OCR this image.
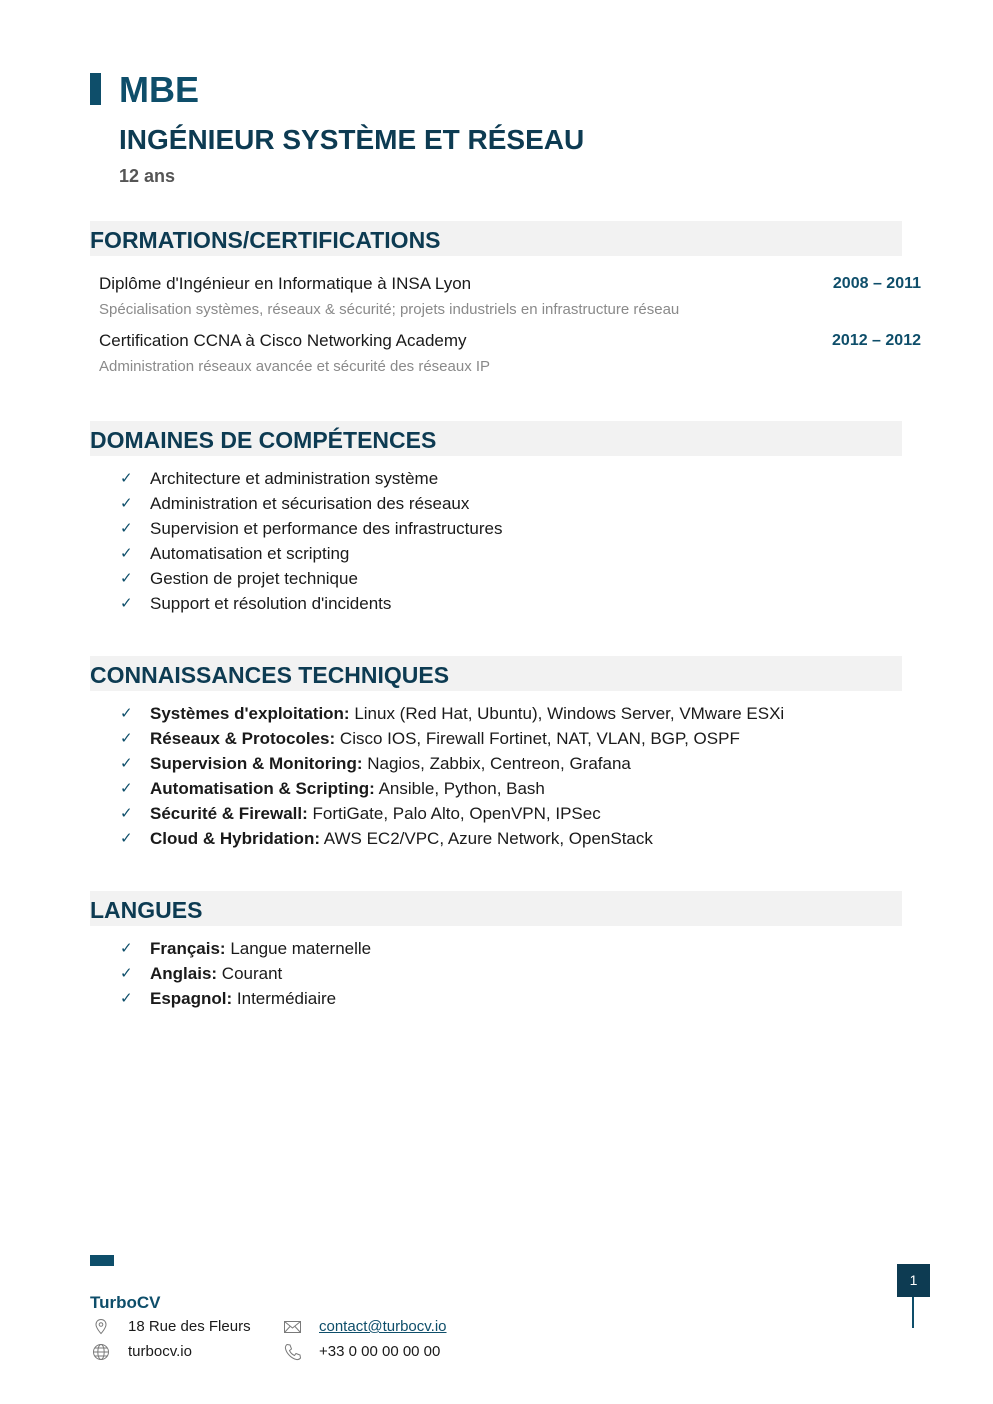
MBE
INGÉNIEUR SYSTÈME ET RÉSEAU
12 ans
FORMATIONS/CERTIFICATIONS
Diplôme d'Ingénieur en Informatique à INSA Lyon	2008 – 2011
Spécialisation systèmes, réseaux & sécurité; projets industriels en infrastructure réseau
Certification CCNA à Cisco Networking Academy	2012 – 2012
Administration réseaux avancée et sécurité des réseaux IP
DOMAINES DE COMPÉTENCES
✓ Architecture et administration système
✓ Administration et sécurisation des réseaux
✓ Supervision et performance des infrastructures
✓ Automatisation et scripting
✓ Gestion de projet technique
✓ Support et résolution d'incidents
CONNAISSANCES TECHNIQUES
✓ Systèmes d'exploitation: Linux (Red Hat, Ubuntu), Windows Server, VMware ESXi
✓ Réseaux & Protocoles: Cisco IOS, Firewall Fortinet, NAT, VLAN, BGP, OSPF
✓ Supervision & Monitoring: Nagios, Zabbix, Centreon, Grafana
✓ Automatisation & Scripting: Ansible, Python, Bash
✓ Sécurité & Firewall: FortiGate, Palo Alto, OpenVPN, IPSec
✓ Cloud & Hybridation: AWS EC2/VPC, Azure Network, OpenStack
LANGUES
✓ Français: Langue maternelle
✓ Anglais: Courant
✓ Espagnol: Intermédiaire
TurboCV
18 Rue des Fleurs
turbocv.io
contact@turbocv.io
+33 0 00 00 00 00
1
